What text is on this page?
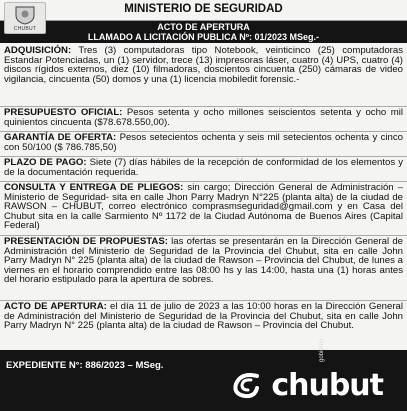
CHUBUT
MINISTERIO DE SEGURIDAD
ACTO DE APERTURA
LLAMADO A LICITACIÓN PUBLICA Nº: 01/2023 MSeg.-
ADQUISICIÓN: Tres (3) computadoras tipo Notebook, veinticinco (25) computadoras Estandar Potenciadas, un (1) servidor, trece (13) impresoras láser, cuatro (4) UPS, cuatro (4) discos rígidos externos, diez (10) filmadoras, doscientos cincuenta (250) cámaras de video vigilancia, cincuenta (50) domos y una (1) licencia mobiledit forensic.-
PRESUPUESTO OFICIAL: Pesos setenta y ocho millones seiscientos setenta y ocho mil quinientos cincuenta ($78.678.550,00).
GARANTÍA DE OFERTA: Pesos setecientos ochenta y seis mil setecientos ochenta y cinco con 50/100 ($ 786.785,50)
PLAZO DE PAGO: Siete (7) días hábiles de la recepción de conformidad de los elementos y de la documentación requerida.
CONSULTA Y ENTREGA DE PLIEGOS: sin cargo; Dirección General de Administración – Ministerio de Seguridad- sita en calle Jhon Parry Madryn N°225 (planta alta) de la ciudad de RAWSON – CHUBUT, correo electrónico comprasmseguridad@gmail.com y en Casa del Chubut sita en la calle Sarmiento Nº 1172 de la Ciudad Autónoma de Buenos Aires (Capital Federal)
PRESENTACIÓN DE PROPUESTAS: las ofertas se presentarán en la Dirección General de Administración del Ministerio de Seguridad de la Provincia del Chubut, sita en calle John Parry Madryn N° 225 (planta alta) de la ciudad de Rawson – Provincia del Chubut, de lunes a viernes en el horario comprendido entre las 08:00 hs y las 14:00, hasta una (1) horas antes del horario estipulado para la apertura de sobres.
ACTO DE APERTURA: el día 11 de julio de 2023 a las 10:00 horas en la Dirección General de Administración del Ministerio de Seguridad de la Provincia del Chubut, sita en calle John Parry Madryn N° 225 (planta alta) de la ciudad de Rawson – Provincia del Chubut.
EXPEDIENTE N°: 886/2023 – MSeg.
gobierno
chubut
